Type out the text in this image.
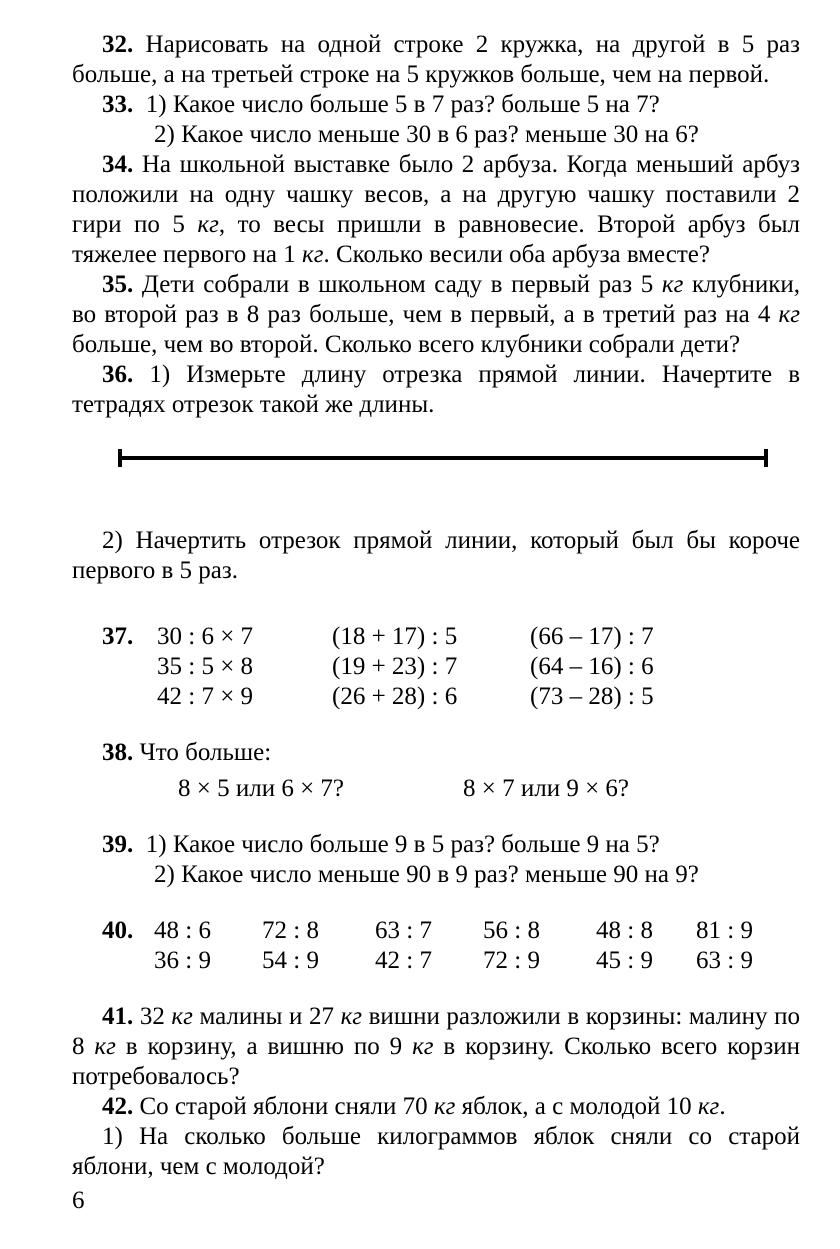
32. Нарисовать на одной строке 2 кружка, на другой в 5 раз больше, а на третьей строке на 5 кружков больше, чем на первой.

33. 1) Какое число больше 5 в 7 раз? больше 5 на 7?

2) Какое число меньше 30 в 6 раз? меньше 30 на 6?

34. На школьной выставке было 2 арбуза. Когда меньший арбуз положили на одну чашку весов, а на другую чашку поставили 2 гири по 5 кг, то весы пришли в равновесие. Второй арбуз был тяжелее первого на 1 кг. Сколько весили оба арбуза вместе?

35. Дети собрали в школьном саду в первый раз 5 кг клубники, во второй раз в 8 раз больше, чем в первый, а в третий раз на 4 кг больше, чем во второй. Сколько всего клубники собрали дети?

36. 1) Измерьте длину отрезка прямой линии. Начертите в тетрадях отрезок такой же длины.

2) Начертить отрезок прямой линии, который был бы короче первого в 5 раз.

37. 30 : 6 × 7	(18 + 17) : 5	(66 – 17) : 7
35 : 5 × 8	(19 + 23) : 7	(64 – 16) : 6
42 : 7 × 9	(26 + 28) : 6	(73 – 28) : 5

38. Что больше:

8 × 5 или 6 × 7?	8 × 7 или 9 × 6?

39. 1) Какое число больше 9 в 5 раз? больше 9 на 5?

2) Какое число меньше 90 в 9 раз? меньше 90 на 9?

40. 48 : 6	72 : 8	63 : 7	56 : 8	48 : 8	81 : 9
36 : 9	54 : 9	42 : 7	72 : 9	45 : 9	63 : 9

41. 32 кг малины и 27 кг вишни разложили в корзины: малину по 8 кг в корзину, а вишню по 9 кг в корзину. Сколько всего корзин потребовалось?

42. Со старой яблони сняли 70 кг яблок, а с молодой 10 кг.

1) На сколько больше килограммов яблок сняли со старой яблони, чем с молодой?

6
